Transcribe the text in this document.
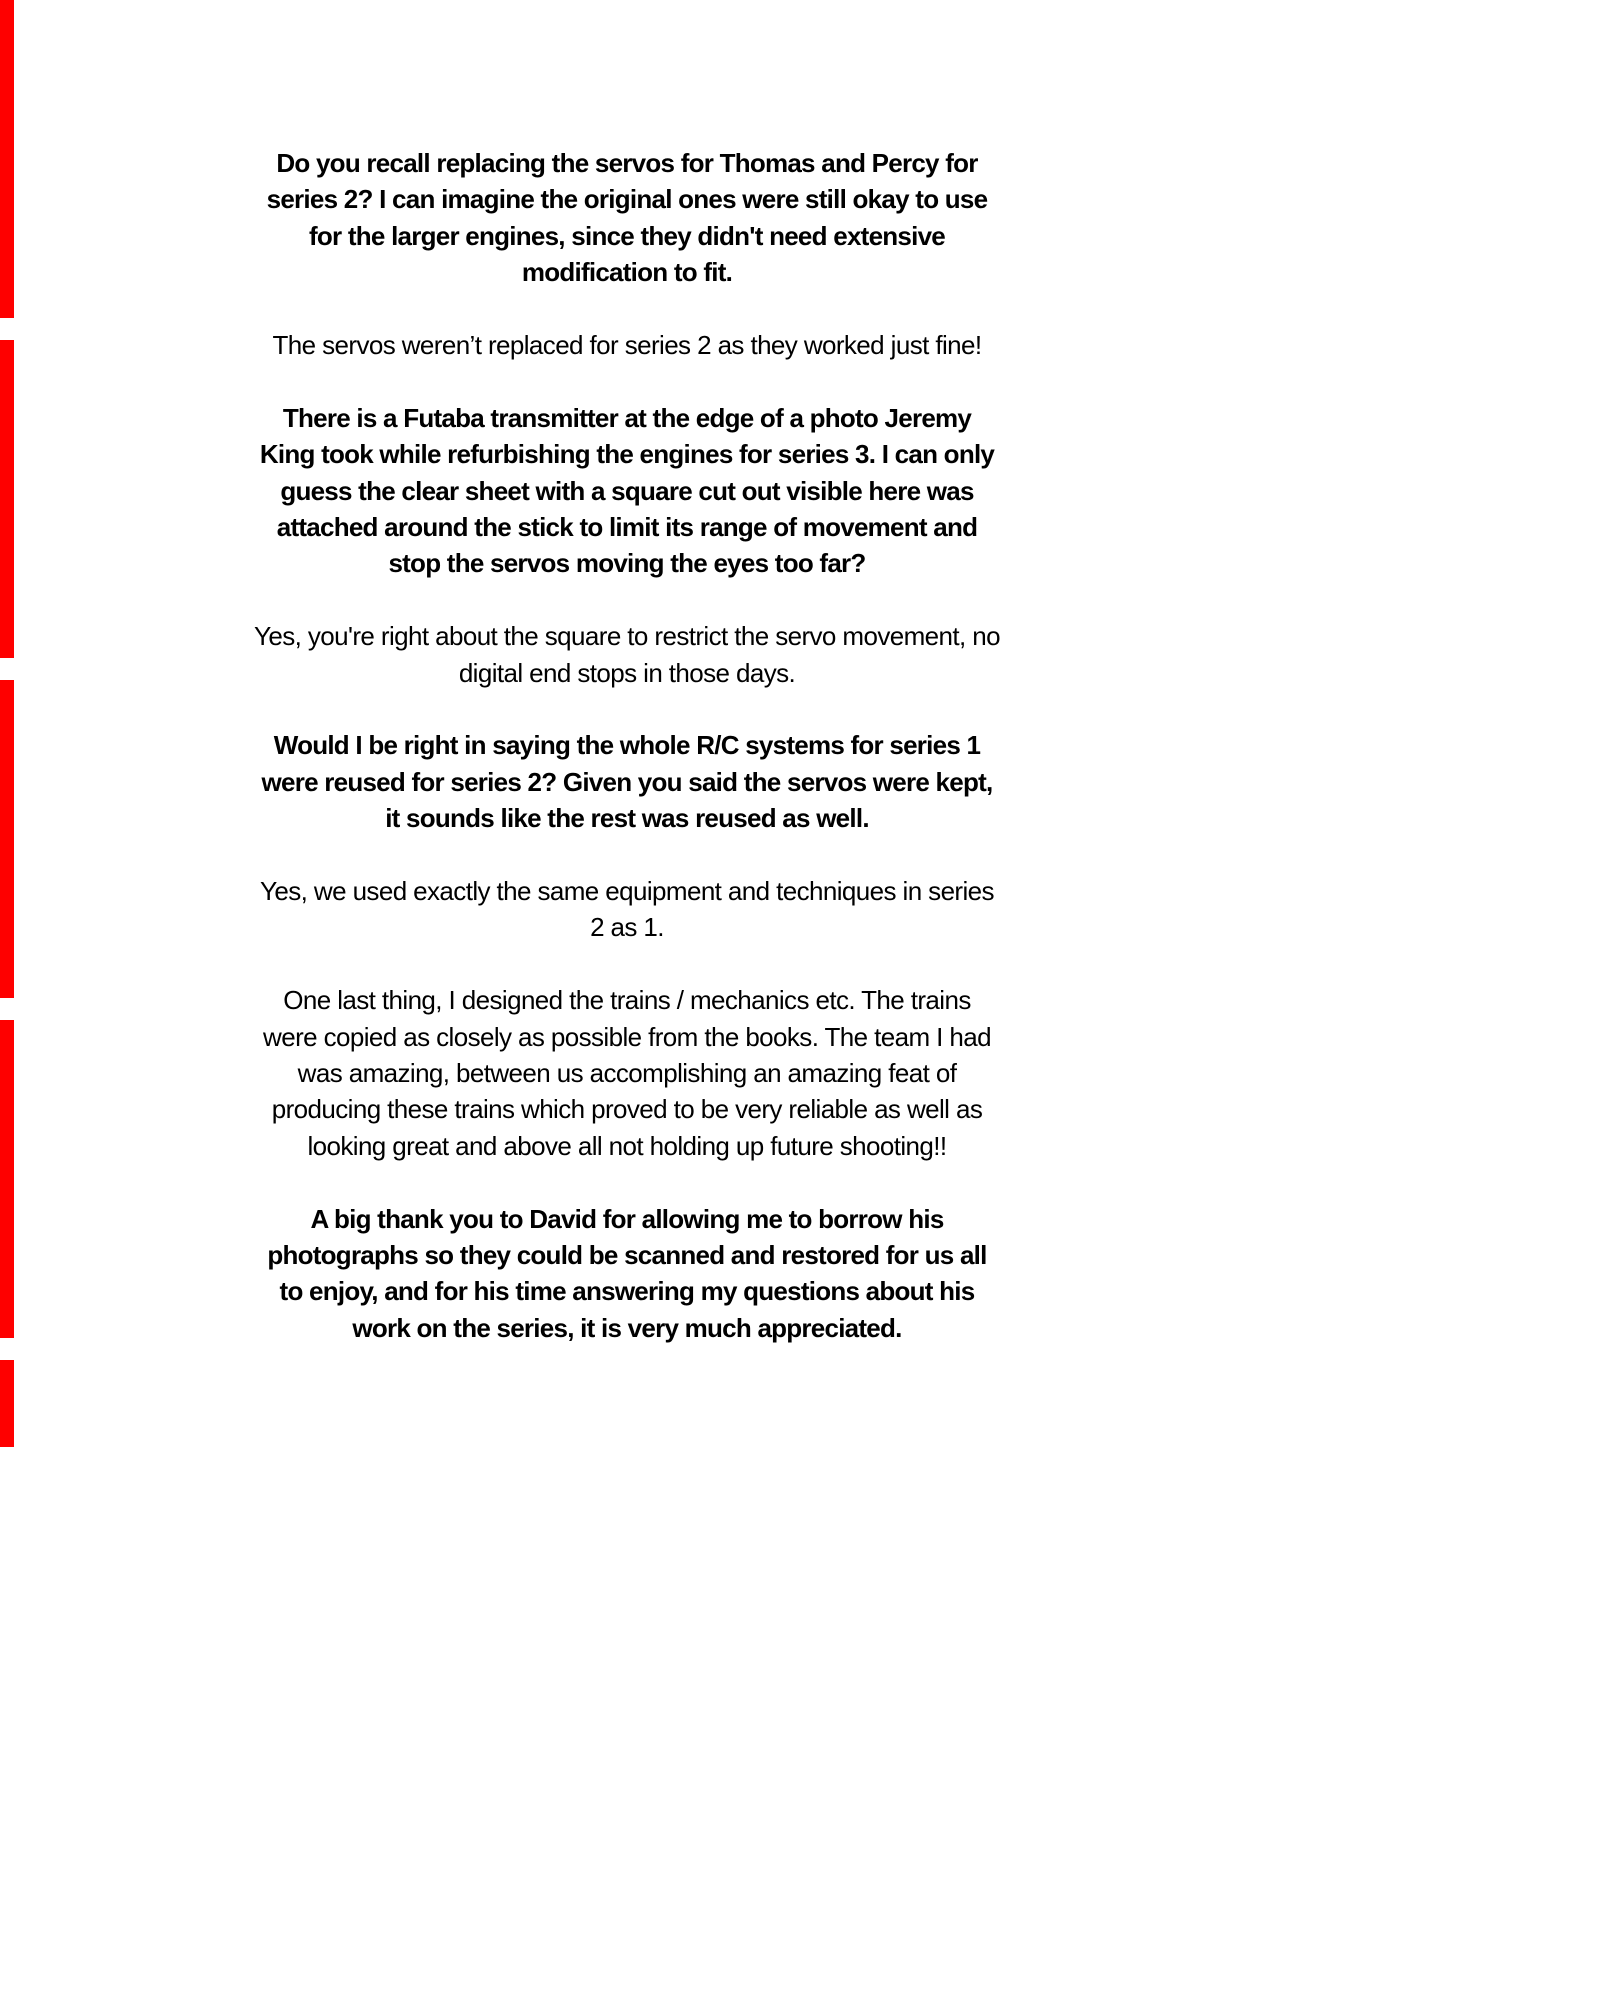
Do you recall replacing the servos for Thomas and Percy for
series 2? I can imagine the original ones were still okay to use
for the larger engines, since they didn't need extensive
modification to fit.

The servos weren’t replaced for series 2 as they worked just fine!

There is a Futaba transmitter at the edge of a photo Jeremy
King took while refurbishing the engines for series 3. I can only
guess the clear sheet with a square cut out visible here was
attached around the stick to limit its range of movement and
stop the servos moving the eyes too far?

Yes, you're right about the square to restrict the servo movement, no
digital end stops in those days.

Would I be right in saying the whole R/C systems for series 1
were reused for series 2? Given you said the servos were kept,
it sounds like the rest was reused as well.

Yes, we used exactly the same equipment and techniques in series
2 as 1.

One last thing, I designed the trains / mechanics etc. The trains
were copied as closely as possible from the books. The team I had
was amazing, between us accomplishing an amazing feat of
producing these trains which proved to be very reliable as well as
looking great and above all not holding up future shooting!!

A big thank you to David for allowing me to borrow his
photographs so they could be scanned and restored for us all
to enjoy, and for his time answering my questions about his
work on the series, it is very much appreciated.
